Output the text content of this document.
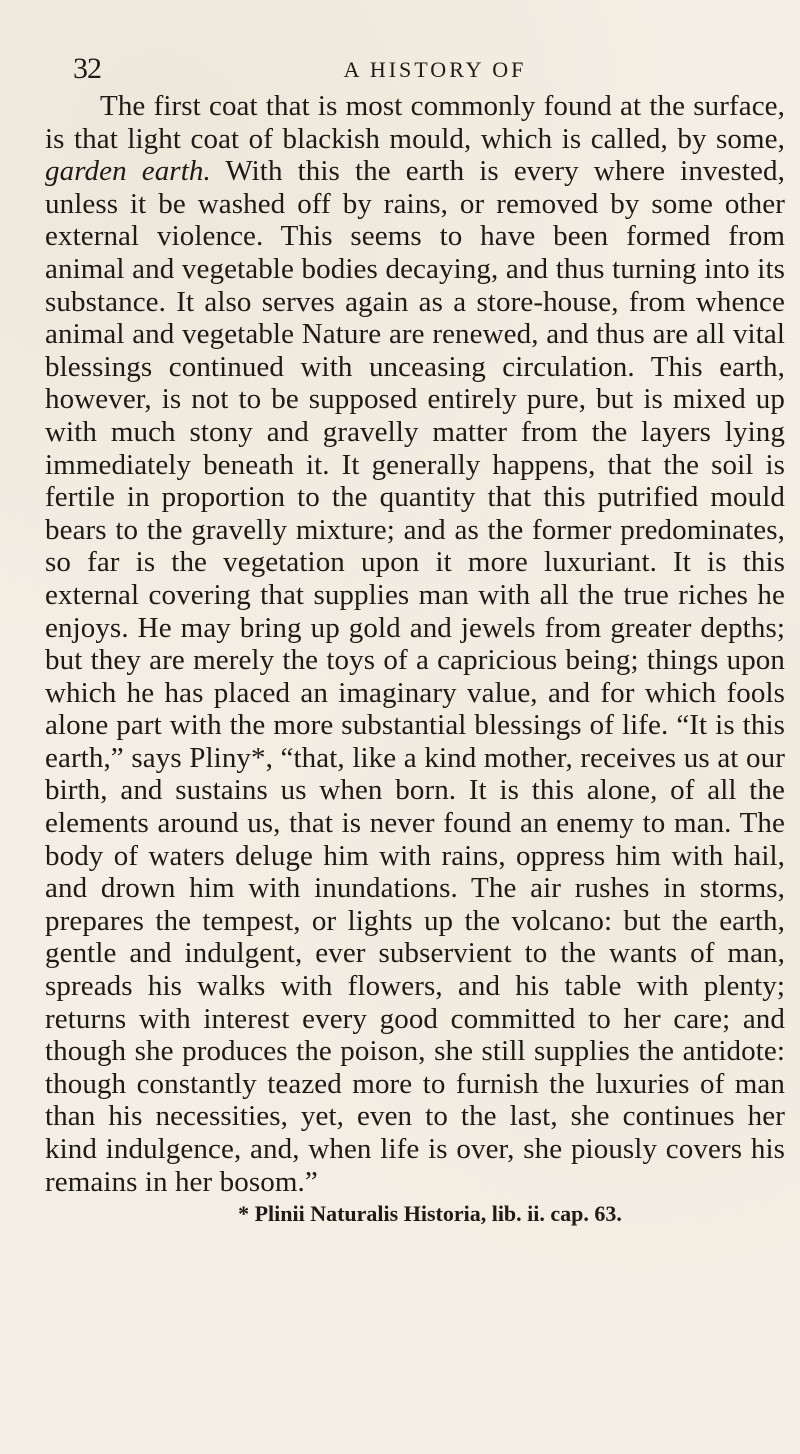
32	A HISTORY OF

The first coat that is most commonly found at the surface, is that light coat of blackish mould, which is called, by some, garden earth. With this the earth is every where invested, unless it be washed off by rains, or removed by some other external violence. This seems to have been formed from animal and vegetable bodies decaying, and thus turning into its substance. It also serves again as a store-house, from whence animal and vegetable Nature are renewed, and thus are all vital blessings continued with unceasing circulation. This earth, however, is not to be supposed entirely pure, but is mixed up with much stony and gravelly matter from the layers lying immediately beneath it. It generally happens, that the soil is fertile in proportion to the quantity that this putrified mould bears to the gravelly mixture; and as the former predominates, so far is the vegetation upon it more luxuriant. It is this external covering that supplies man with all the true riches he enjoys. He may bring up gold and jewels from greater depths; but they are merely the toys of a capricious being; things upon which he has placed an imaginary value, and for which fools alone part with the more substantial blessings of life. “It is this earth,” says Pliny*, “that, like a kind mother, receives us at our birth, and sustains us when born. It is this alone, of all the elements around us, that is never found an enemy to man. The body of waters deluge him with rains, oppress him with hail, and drown him with inundations. The air rushes in storms, prepares the tempest, or lights up the volcano: but the earth, gentle and indulgent, ever subservient to the wants of man, spreads his walks with flowers, and his table with plenty; returns with interest every good committed to her care; and though she produces the poison, she still supplies the antidote: though constantly teazed more to furnish the luxuries of man than his necessities, yet, even to the last, she continues her kind indulgence, and, when life is over, she piously covers his remains in her bosom.”

* Plinii Naturalis Historia, lib. ii. cap. 63.
